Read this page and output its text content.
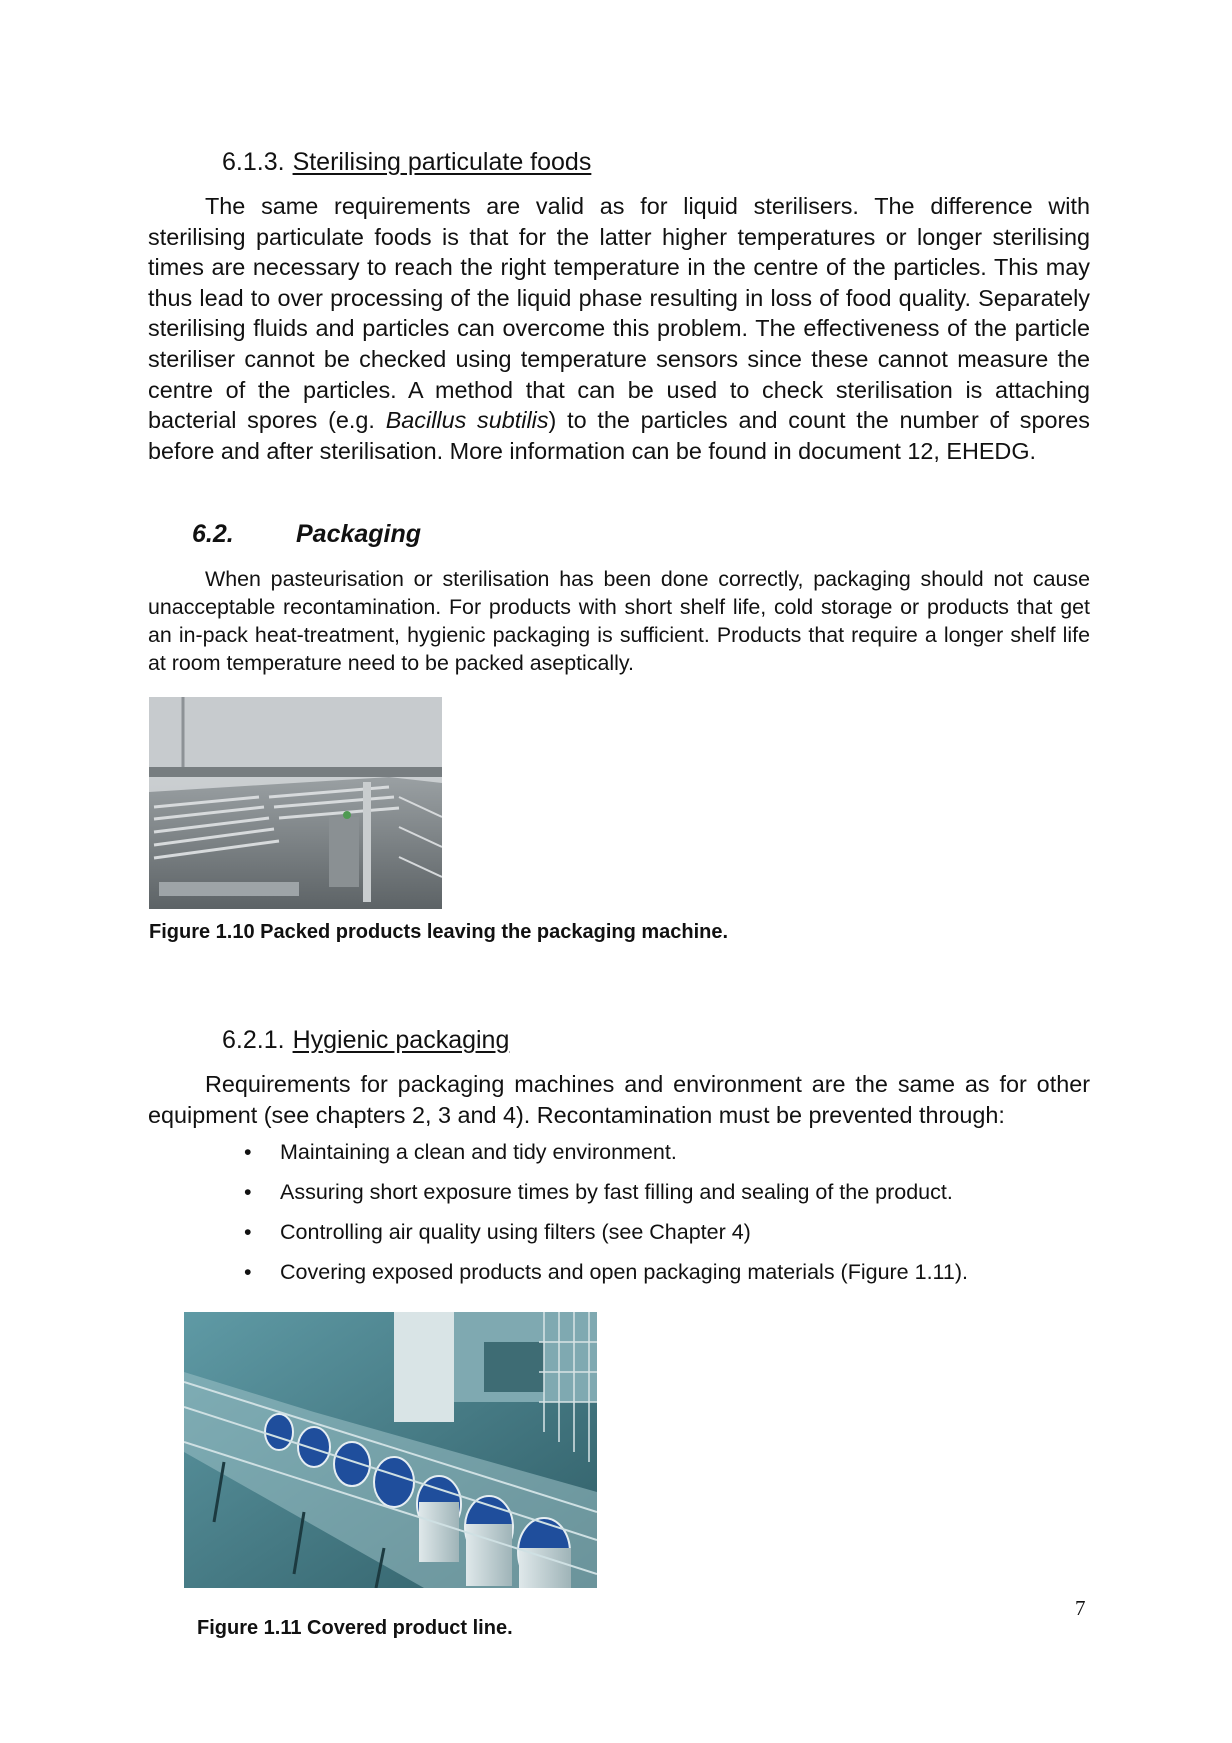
6.1.3. Sterilising particulate foods

The same requirements are valid as for liquid sterilisers. The difference with sterilising particulate foods is that for the latter higher temperatures or longer sterilising times are necessary to reach the right temperature in the centre of the particles. This may thus lead to over processing of the liquid phase resulting in loss of food quality. Separately sterilising fluids and particles can overcome this problem. The effectiveness of the particle steriliser cannot be checked using temperature sensors since these cannot measure the centre of the particles. A method that can be used to check sterilisation is attaching bacterial spores (e.g. Bacillus subtilis) to the particles and count the number of spores before and after sterilisation. More information can be found in document 12, EHEDG.

6.2. Packaging

When pasteurisation or sterilisation has been done correctly, packaging should not cause unacceptable recontamination. For products with short shelf life, cold storage or products that get an in-pack heat-treatment, hygienic packaging is sufficient. Products that require a longer shelf life at room temperature need to be packed aseptically.

Figure 1.10 Packed products leaving the packaging machine.
6.2.1. Hygienic packaging

Requirements for packaging machines and environment are the same as for other equipment (see chapters 2, 3 and 4). Recontamination must be prevented through:

• Maintaining a clean and tidy environment.
• Assuring short exposure times by fast filling and sealing of the product.
• Controlling air quality using filters (see Chapter 4)
• Covering exposed products and open packaging materials (Figure 1.11).
Figure 1.11 Covered product line.
7
